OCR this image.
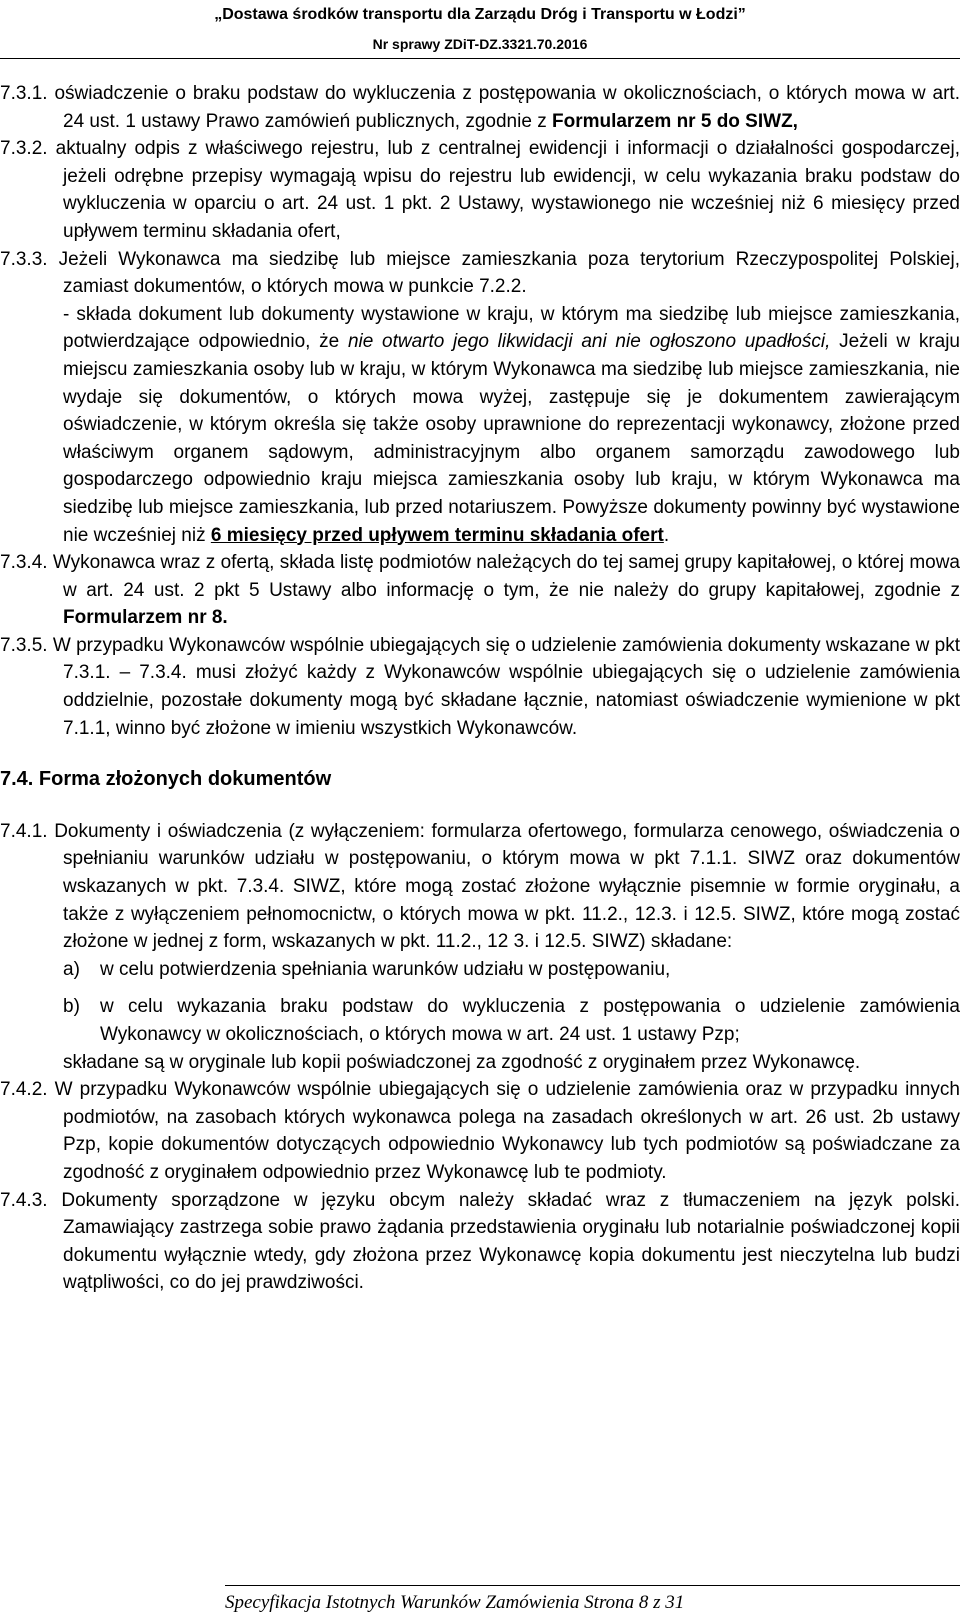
„Dostawa środków transportu dla Zarządu Dróg i Transportu w Łodzi”
Nr sprawy ZDiT-DZ.3321.70.2016

7.3.1. oświadczenie o braku podstaw do wykluczenia z postępowania w okolicznościach, o których mowa w art. 24 ust. 1 ustawy Prawo zamówień publicznych, zgodnie z Formularzem nr 5 do SIWZ,

7.3.2. aktualny odpis z właściwego rejestru, lub z centralnej ewidencji i informacji o działalności gospodarczej, jeżeli odrębne przepisy wymagają wpisu do rejestru lub ewidencji, w celu wykazania braku podstaw do wykluczenia w oparciu o art. 24 ust. 1 pkt. 2 Ustawy, wystawionego nie wcześniej niż 6 miesięcy przed upływem terminu składania ofert,

7.3.3. Jeżeli Wykonawca ma siedzibę lub miejsce zamieszkania poza terytorium Rzeczypospolitej Polskiej, zamiast dokumentów, o których mowa w punkcie 7.2.2.

- składa dokument lub dokumenty wystawione w kraju, w którym ma siedzibę lub miejsce zamieszkania, potwierdzające odpowiednio, że nie otwarto jego likwidacji ani nie ogłoszono upadłości, Jeżeli w kraju miejscu zamieszkania osoby lub w kraju, w którym Wykonawca ma siedzibę lub miejsce zamieszkania, nie wydaje się dokumentów, o których mowa wyżej, zastępuje się je dokumentem zawierającym oświadczenie, w którym określa się także osoby uprawnione do reprezentacji wykonawcy, złożone przed właściwym organem sądowym, administracyjnym albo organem samorządu zawodowego lub gospodarczego odpowiednio kraju miejsca zamieszkania osoby lub kraju, w którym Wykonawca ma siedzibę lub miejsce zamieszkania, lub przed notariuszem. Powyższe dokumenty powinny być wystawione nie wcześniej niż 6 miesięcy przed upływem terminu składania ofert.

7.3.4. Wykonawca wraz z ofertą, składa listę podmiotów należących do tej samej grupy kapitałowej, o której mowa w art. 24 ust. 2 pkt 5 Ustawy albo informację o tym, że nie należy do grupy kapitałowej, zgodnie z Formularzem nr 8.

7.3.5. W przypadku Wykonawców wspólnie ubiegających się o udzielenie zamówienia dokumenty wskazane w pkt 7.3.1. – 7.3.4. musi złożyć każdy z Wykonawców wspólnie ubiegających się o udzielenie zamówienia oddzielnie, pozostałe dokumenty mogą być składane łącznie, natomiast oświadczenie wymienione w pkt 7.1.1, winno być złożone w imieniu wszystkich Wykonawców.

7.4. Forma złożonych dokumentów

7.4.1. Dokumenty i oświadczenia (z wyłączeniem: formularza ofertowego, formularza cenowego, oświadczenia o spełnianiu warunków udziału w postępowaniu, o którym mowa w pkt 7.1.1. SIWZ oraz dokumentów wskazanych w pkt. 7.3.4. SIWZ, które mogą zostać złożone wyłącznie pisemnie w formie oryginału, a także z wyłączeniem pełnomocnictw, o których mowa w pkt. 11.2., 12.3. i 12.5. SIWZ, które mogą zostać złożone w jednej z form, wskazanych w pkt. 11.2., 12 3. i 12.5. SIWZ) składane:

a) w celu potwierdzenia spełniania warunków udziału w postępowaniu,

b) w celu wykazania braku podstaw do wykluczenia z postępowania o udzielenie zamówienia Wykonawcy w okolicznościach, o których mowa w art. 24 ust. 1 ustawy Pzp;

składane są w oryginale lub kopii poświadczonej za zgodność z oryginałem przez Wykonawcę.

7.4.2. W przypadku Wykonawców wspólnie ubiegających się o udzielenie zamówienia oraz w przypadku innych podmiotów, na zasobach których wykonawca polega na zasadach określonych w art. 26 ust. 2b ustawy Pzp, kopie dokumentów dotyczących odpowiednio Wykonawcy lub tych podmiotów są poświadczane za zgodność z oryginałem odpowiednio przez Wykonawcę lub te podmioty.

7.4.3. Dokumenty sporządzone w języku obcym należy składać wraz z tłumaczeniem na język polski. Zamawiający zastrzega sobie prawo żądania przedstawienia oryginału lub notarialnie poświadczonej kopii dokumentu wyłącznie wtedy, gdy złożona przez Wykonawcę kopia dokumentu jest nieczytelna lub budzi wątpliwości, co do jej prawdziwości.

Specyfikacja Istotnych Warunków Zamówienia Strona 8 z 31
